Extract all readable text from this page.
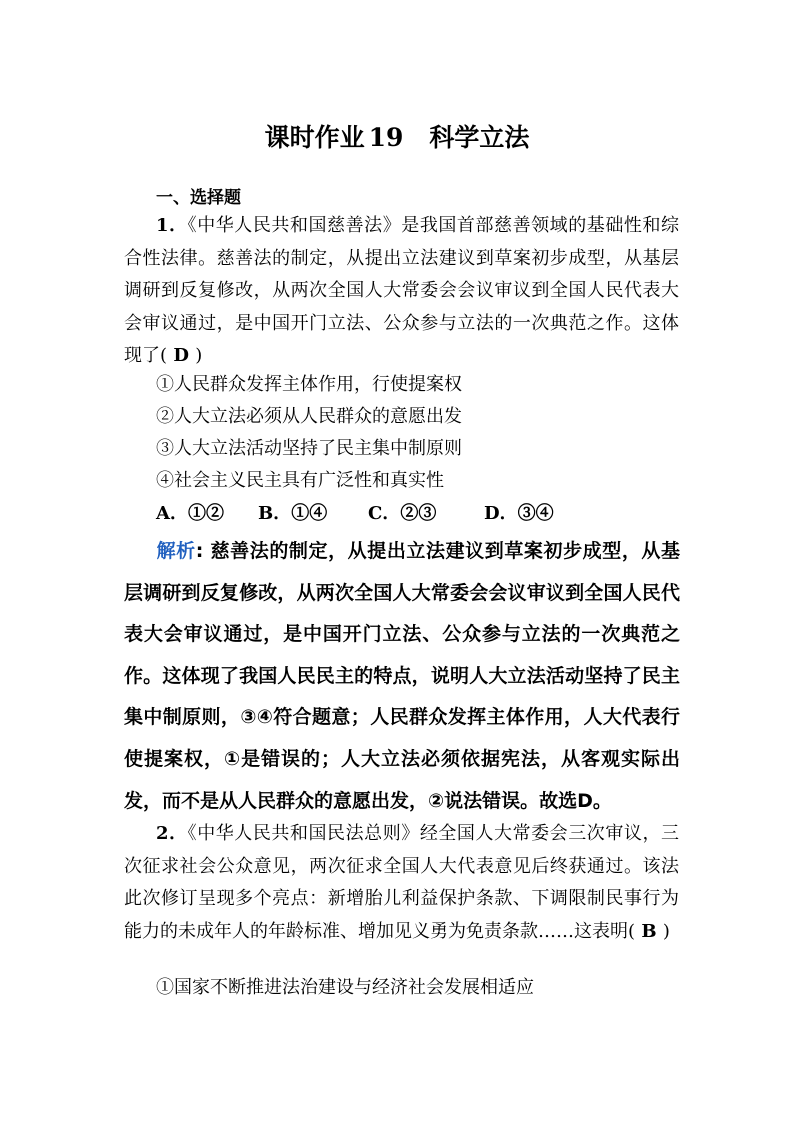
课时作业 19 科学立法
一、选择题
1．《中华人民共和国慈善法》是我国首部慈善领域的基础性和综合性法律。慈善法的制定，从提出立法建议到草案初步成型，从基层调研到反复修改，从两次全国人大常委会会议审议到全国人民代表大会审议通过，是中国开门立法、公众参与立法的一次典范之作。这体现了( D )
①人民群众发挥主体作用，行使提案权
②人大立法必须从人民群众的意愿出发
③人大立法活动坚持了民主集中制原则
④社会主义民主具有广泛性和真实性
A．①② B．①④ C．②③	D．③④
解析: 慈善法的制定，从提出立法建议到草案初步成型，从基层调研到反复修改，从两次全国人大常委会会议审议到全国人民代表大会审议通过，是中国开门立法、公众参与立法的一次典范之作。这体现了我国人民民主的特点，说明人大立法活动坚持了民主集中制原则，③④符合题意；人民群众发挥主体作用，人大代表行使提案权，①是错误的；人大立法必须依据宪法，从客观实际出发，而不是从人民群众的意愿出发，②说法错误。故选D。
2．《中华人民共和国民法总则》经全国人大常委会三次审议，三次征求社会公众意见，两次征求全国人大代表意见后终获通过。该法此次修订呈现多个亮点：新增胎儿利益保护条款、下调限制民事行为能力的未成年人的年龄标准、增加见义勇为免责条款……这表明( B )
①国家不断推进法治建设与经济社会发展相适应
